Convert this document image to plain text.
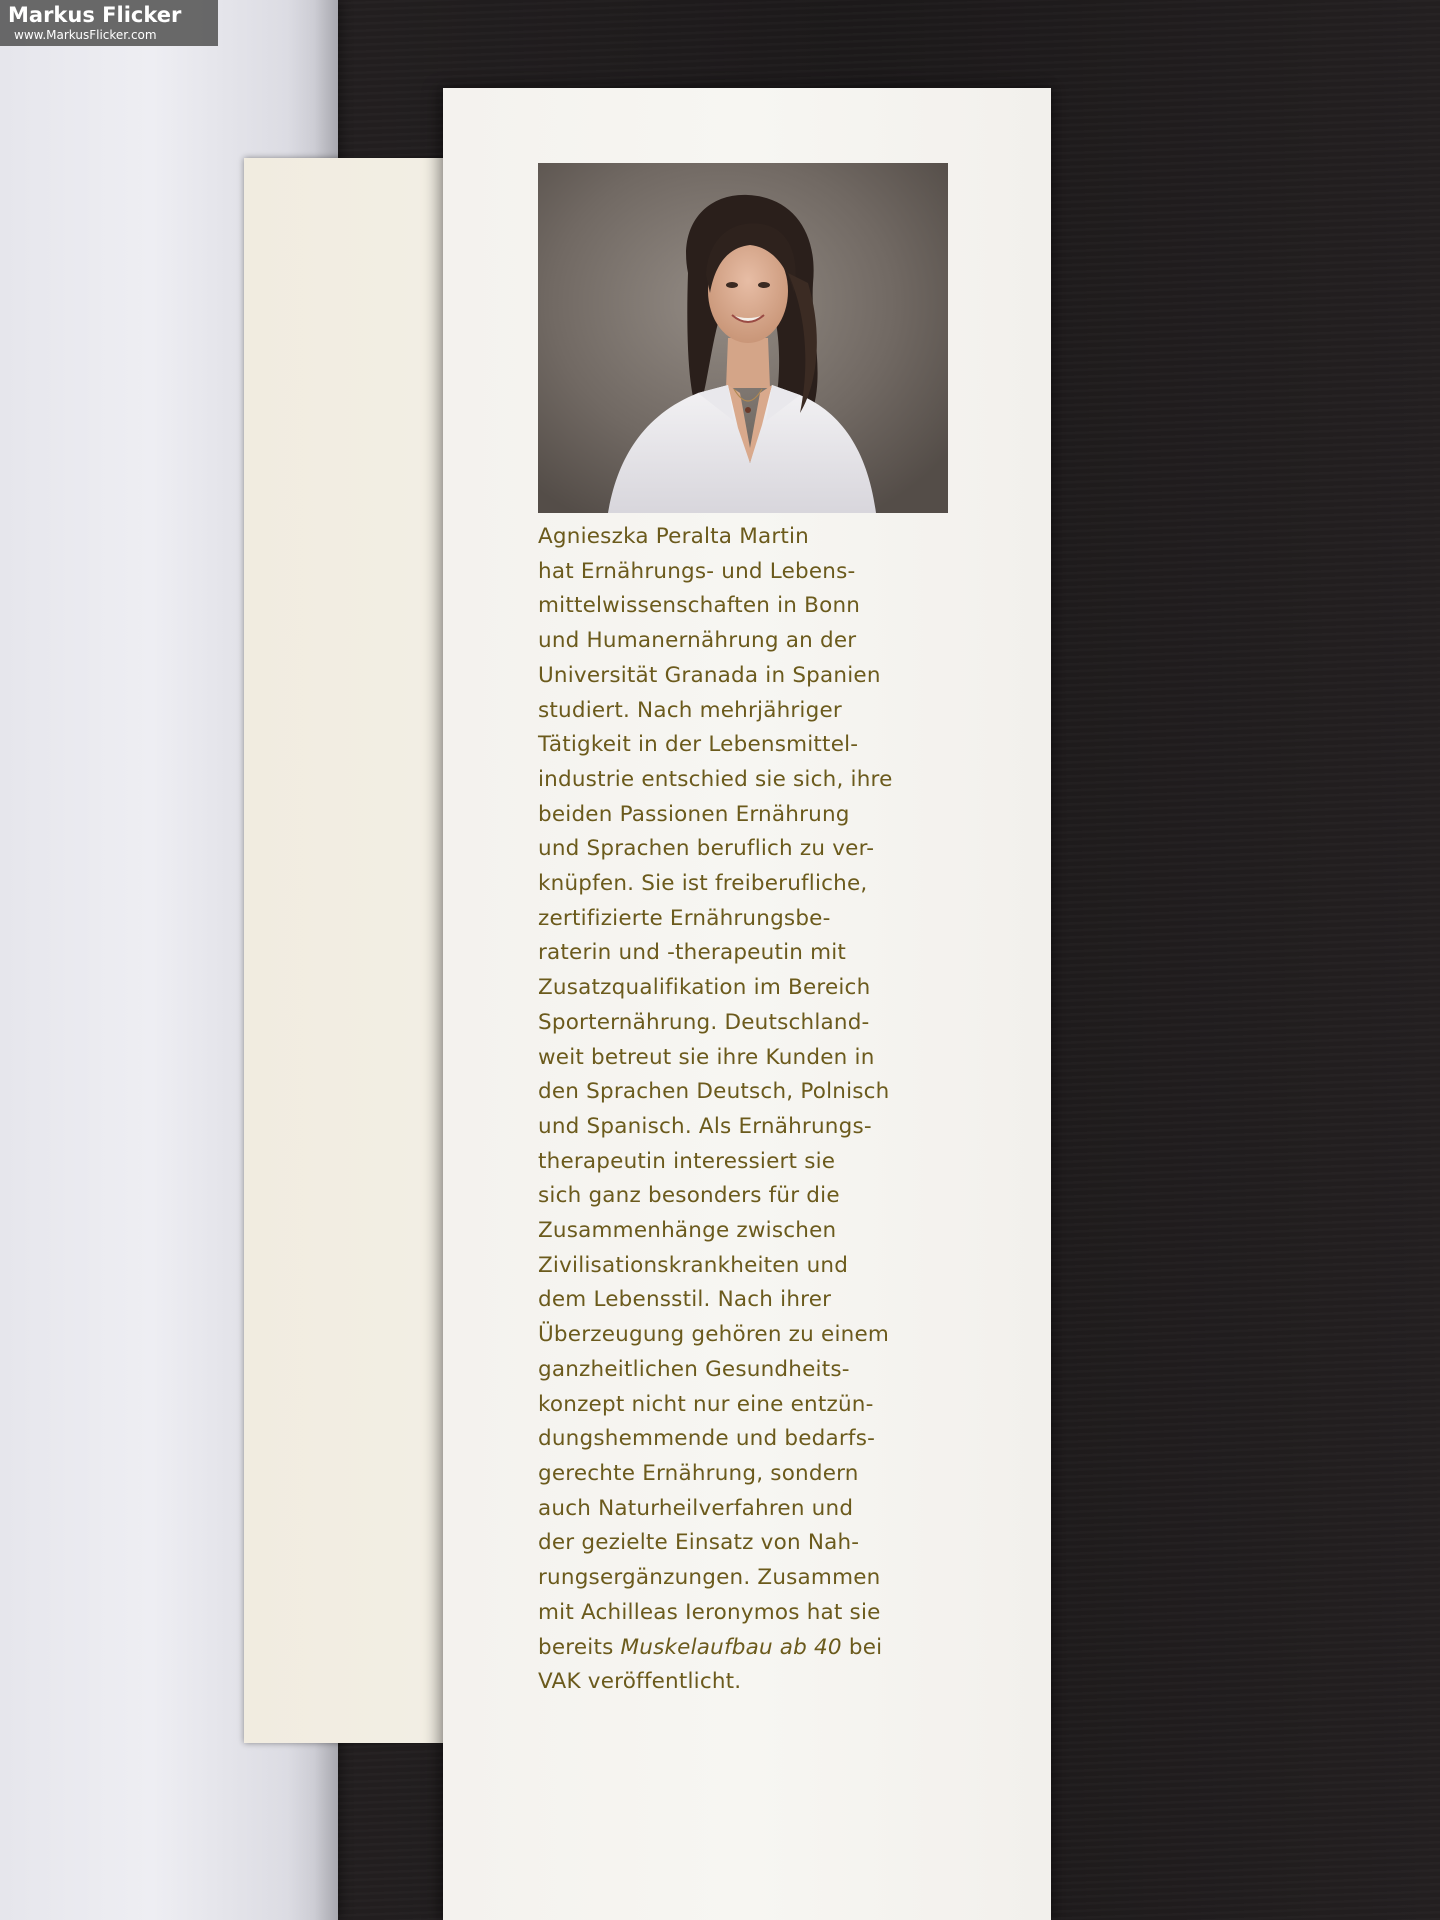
Agnieszka Peralta Martin
hat Ernährungs- und Lebens-
mittelwissenschaften in Bonn
und Humanernährung an der
Universität Granada in Spanien
studiert. Nach mehrjähriger
Tätigkeit in der Lebensmittel-
industrie entschied sie sich, ihre
beiden Passionen Ernährung
und Sprachen beruflich zu ver-
knüpfen. Sie ist freiberufliche,
zertifizierte Ernährungsbe-
raterin und -therapeutin mit
Zusatzqualifikation im Bereich
Sporternährung. Deutschland-
weit betreut sie ihre Kunden in
den Sprachen Deutsch, Polnisch
und Spanisch. Als Ernährungs-
therapeutin interessiert sie
sich ganz besonders für die
Zusammenhänge zwischen
Zivilisationskrankheiten und
dem Lebensstil. Nach ihrer
Überzeugung gehören zu einem
ganzheitlichen Gesundheits-
konzept nicht nur eine entzün-
dungshemmende und bedarfs-
gerechte Ernährung, sondern
auch Naturheilverfahren und
der gezielte Einsatz von Nah-
rungsergänzungen. Zusammen
mit Achilleas Ieronymos hat sie
bereits Muskelaufbau ab 40 bei
VAK veröffentlicht.
Markus Flicker
www.MarkusFlicker.com
